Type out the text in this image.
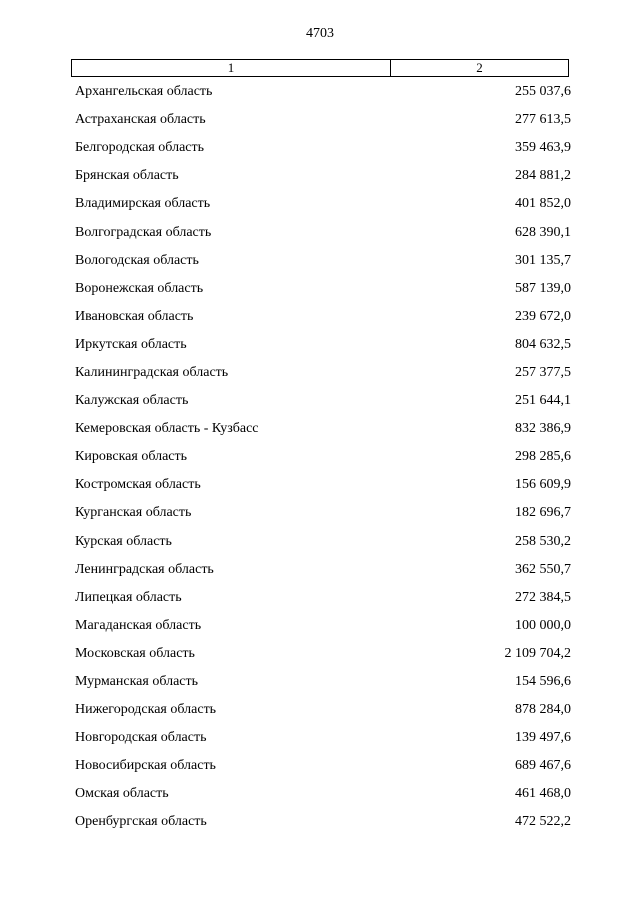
4703
1	2
Архангельская область	255 037,6
Астраханская область	277 613,5
Белгородская область	359 463,9
Брянская область	284 881,2
Владимирская область	401 852,0
Волгоградская область	628 390,1
Вологодская область	301 135,7
Воронежская область	587 139,0
Ивановская область	239 672,0
Иркутская область	804 632,5
Калининградская область	257 377,5
Калужская область	251 644,1
Кемеровская область - Кузбасс	832 386,9
Кировская область	298 285,6
Костромская область	156 609,9
Курганская область	182 696,7
Курская область	258 530,2
Ленинградская область	362 550,7
Липецкая область	272 384,5
Магаданская область	100 000,0
Московская область	2 109 704,2
Мурманская область	154 596,6
Нижегородская область	878 284,0
Новгородская область	139 497,6
Новосибирская область	689 467,6
Омская область	461 468,0
Оренбургская область	472 522,2
